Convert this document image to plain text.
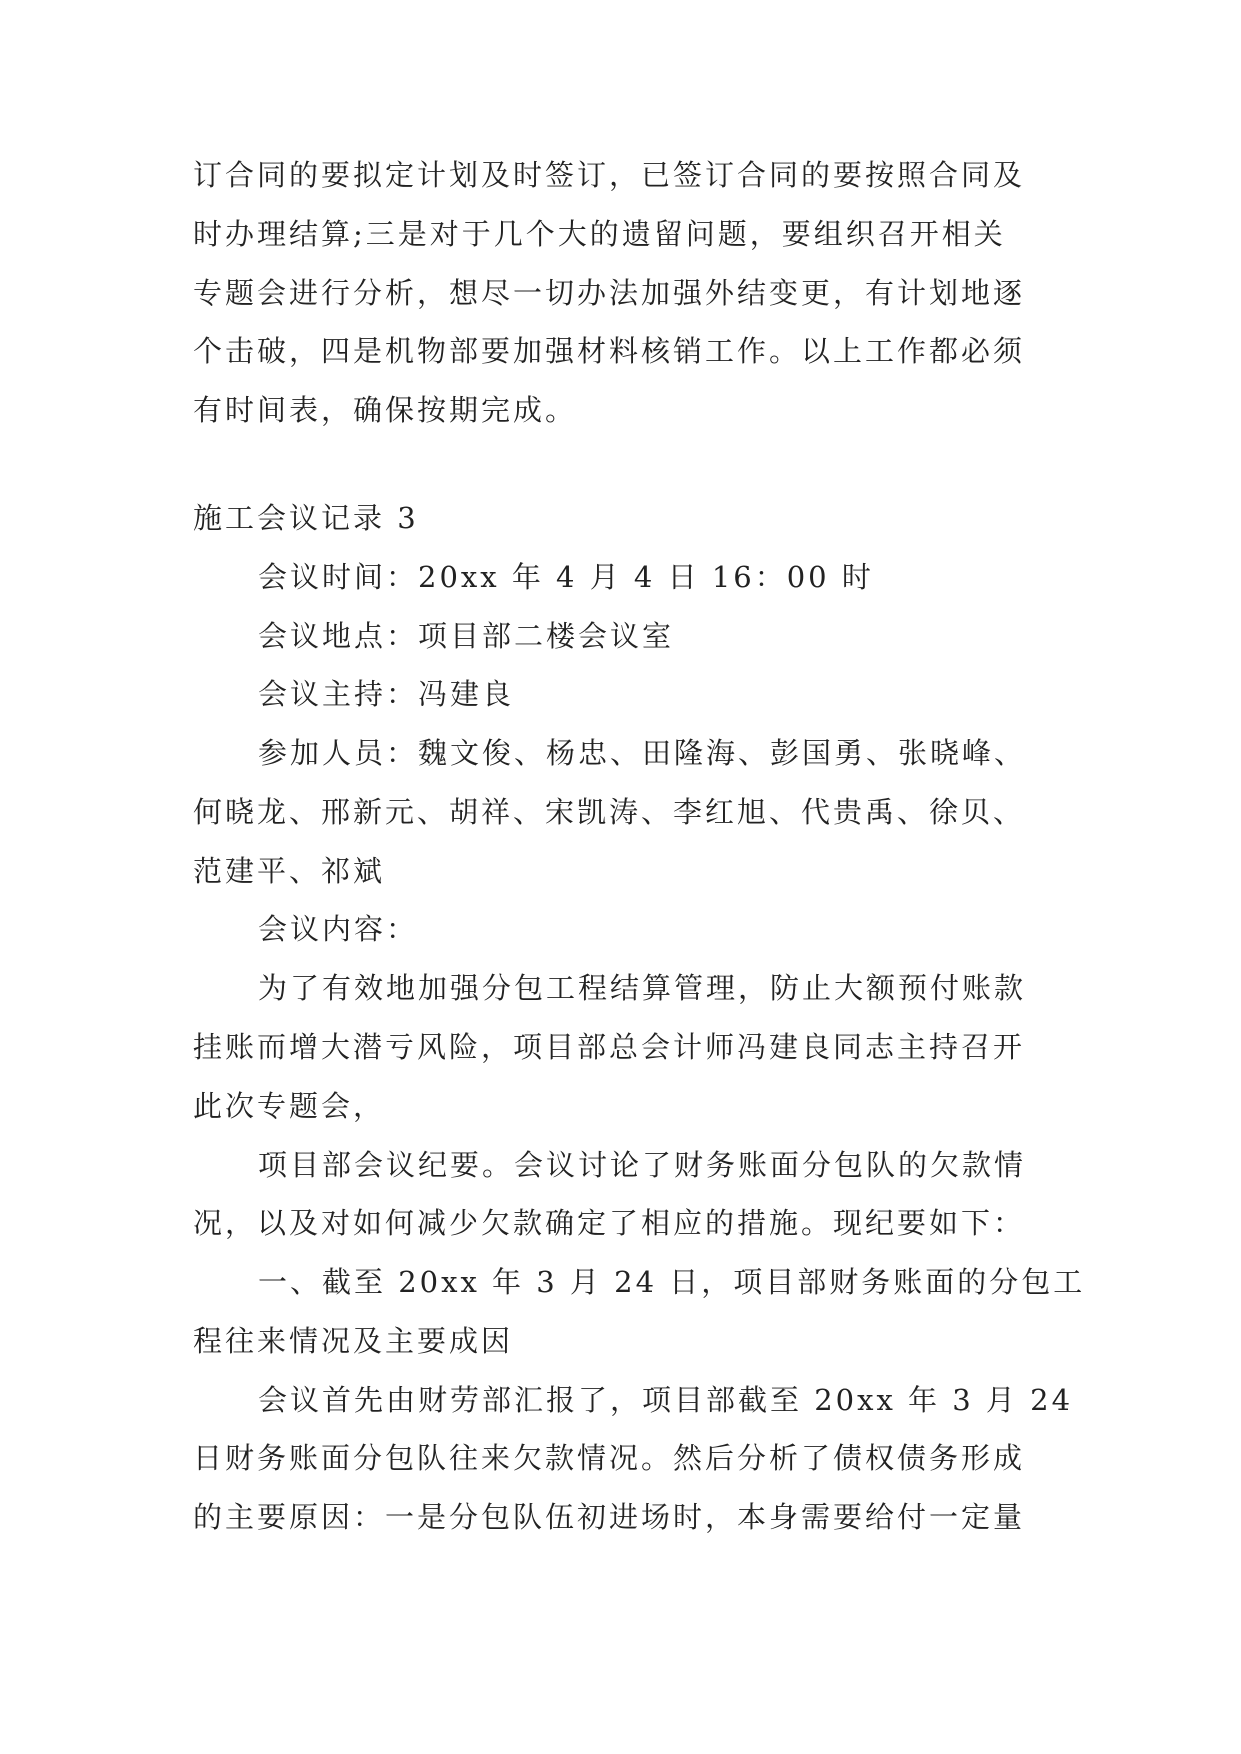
订合同的要拟定计划及时签订，已签订合同的要按照合同及
时办理结算;三是对于几个大的遗留问题，要组织召开相关
专题会进行分析，想尽一切办法加强外结变更，有计划地逐
个击破，四是机物部要加强材料核销工作。以上工作都必须
有时间表，确保按期完成。
施工会议记录 3
会议时间：20xx 年 4 月 4 日 16：00 时
会议地点：项目部二楼会议室
会议主持：冯建良
参加人员：魏文俊、杨忠、田隆海、彭国勇、张晓峰、
何晓龙、邢新元、胡祥、宋凯涛、李红旭、代贵禹、徐贝、
范建平、祁斌
会议内容：
为了有效地加强分包工程结算管理，防止大额预付账款
挂账而增大潜亏风险，项目部总会计师冯建良同志主持召开
此次专题会，
项目部会议纪要。会议讨论了财务账面分包队的欠款情
况，以及对如何减少欠款确定了相应的措施。现纪要如下：
一、截至 20xx 年 3 月 24 日，项目部财务账面的分包工
程往来情况及主要成因
会议首先由财劳部汇报了，项目部截至 20xx 年 3 月 24
日财务账面分包队往来欠款情况。然后分析了债权债务形成
的主要原因：一是分包队伍初进场时，本身需要给付一定量
